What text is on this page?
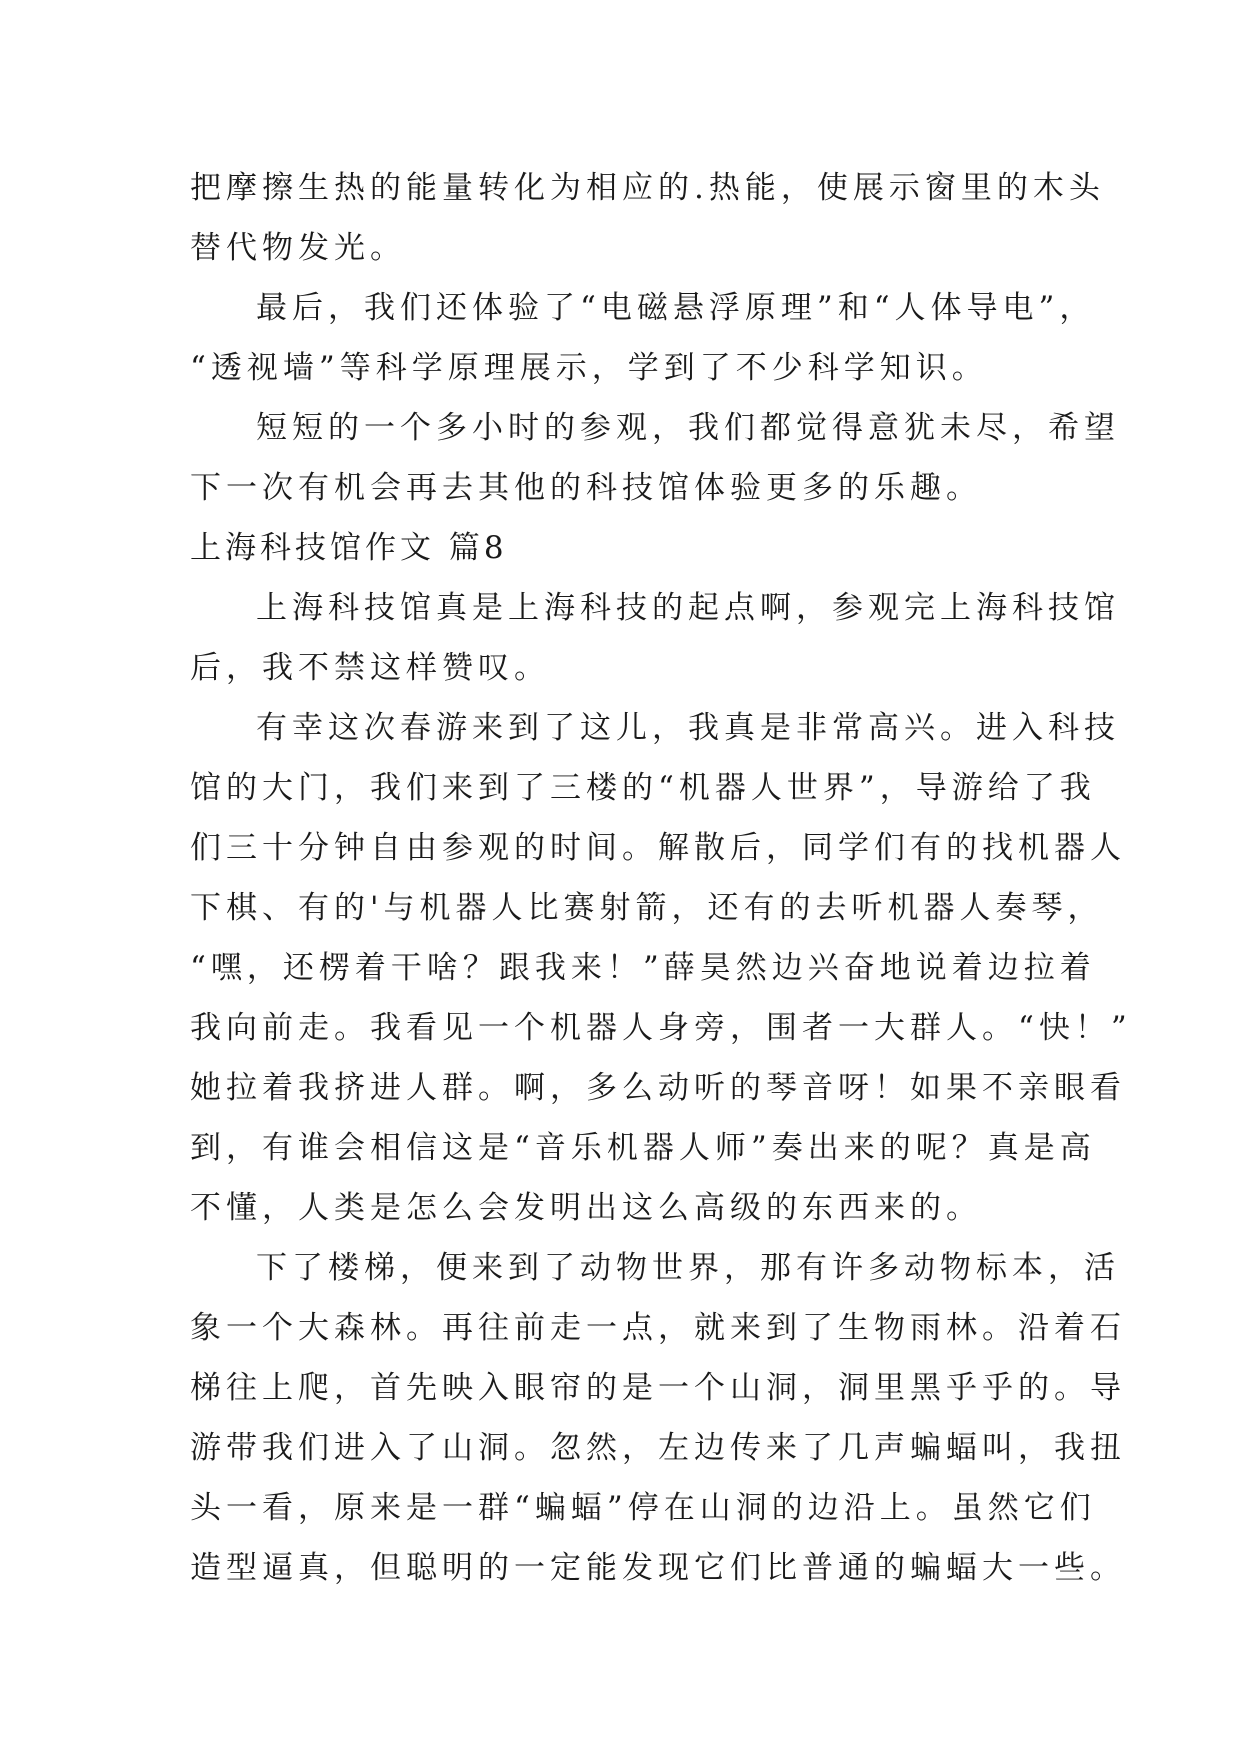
把摩擦生热的能量转化为相应的.热能，使展示窗里的木头
替代物发光。
最后，我们还体验了“电磁悬浮原理”和“人体导电”，
“透视墙”等科学原理展示，学到了不少科学知识。
短短的一个多小时的参观，我们都觉得意犹未尽，希望
下一次有机会再去其他的科技馆体验更多的乐趣。
上海科技馆作文 篇8
上海科技馆真是上海科技的起点啊，参观完上海科技馆
后，我不禁这样赞叹。
有幸这次春游来到了这儿，我真是非常高兴。进入科技
馆的大门，我们来到了三楼的“机器人世界”，导游给了我
们三十分钟自由参观的时间。解散后，同学们有的找机器人
下棋、有的'与机器人比赛射箭，还有的去听机器人奏琴，
“嘿，还楞着干啥？跟我来！”薛昊然边兴奋地说着边拉着
我向前走。我看见一个机器人身旁，围者一大群人。“快！”
她拉着我挤进人群。啊，多么动听的琴音呀！如果不亲眼看
到，有谁会相信这是“音乐机器人师”奏出来的呢？真是高
不懂，人类是怎么会发明出这么高级的东西来的。
下了楼梯，便来到了动物世界，那有许多动物标本，活
象一个大森林。再往前走一点，就来到了生物雨林。沿着石
梯往上爬，首先映入眼帘的是一个山洞，洞里黑乎乎的。导
游带我们进入了山洞。忽然，左边传来了几声蝙蝠叫，我扭
头一看，原来是一群“蝙蝠”停在山洞的边沿上。虽然它们
造型逼真，但聪明的一定能发现它们比普通的蝙蝠大一些。
